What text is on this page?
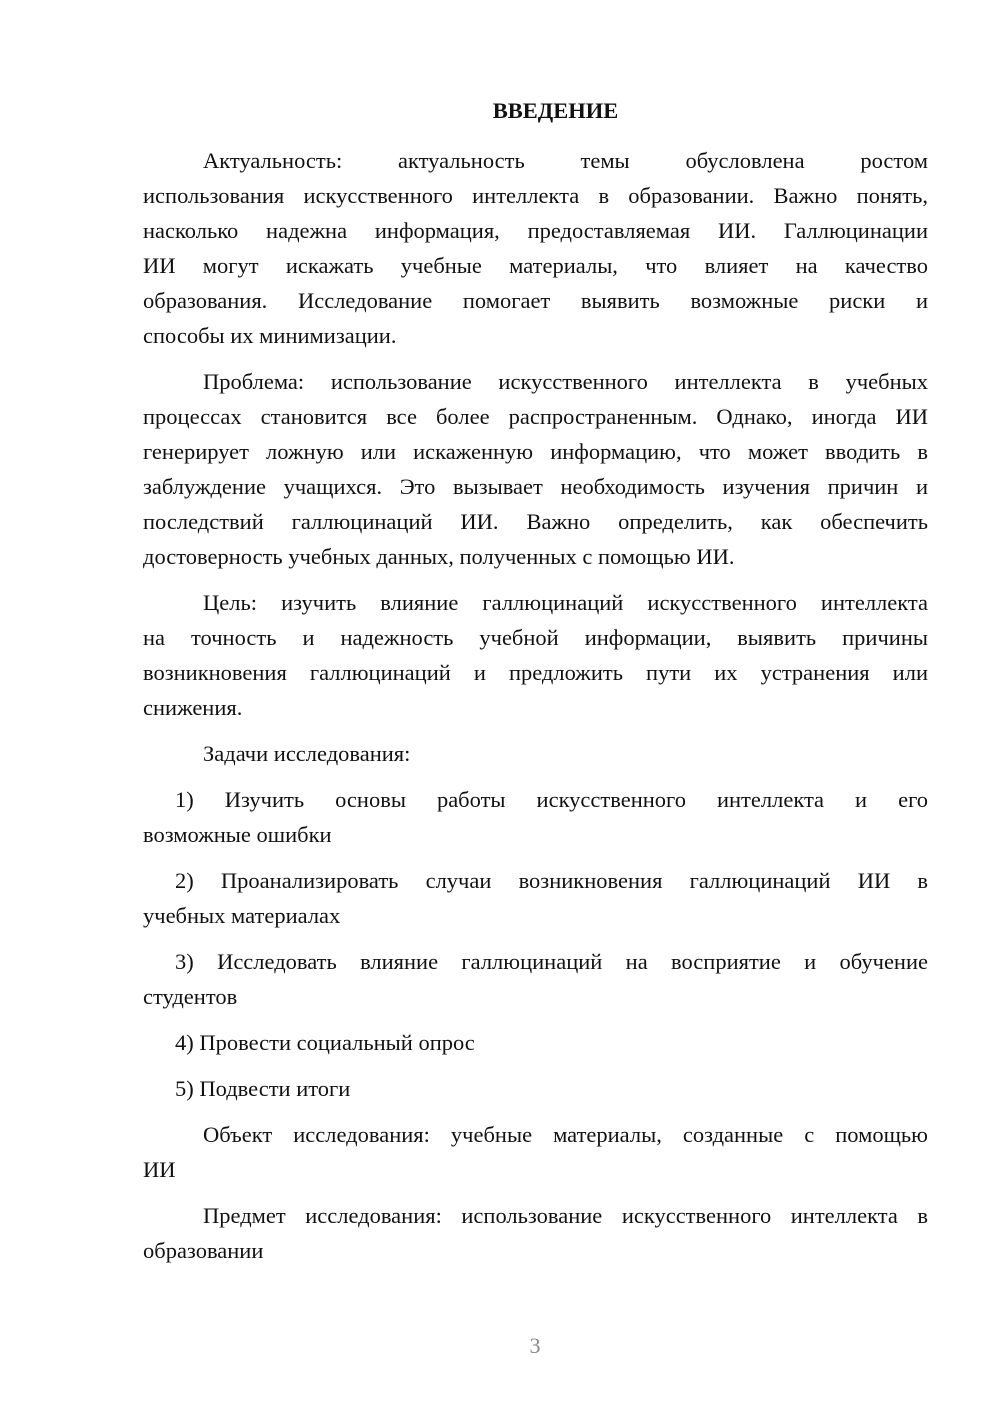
ВВЕДЕНИЕ
Актуальность: актуальность темы обусловлена ростом
использования искусственного интеллекта в образовании. Важно понять,
насколько надежна информация, предоставляемая ИИ. Галлюцинации
ИИ могут искажать учебные материалы, что влияет на качество
образования. Исследование помогает выявить возможные риски и
способы их минимизации.
Проблема: использование искусственного интеллекта в учебных
процессах становится все более распространенным. Однако, иногда ИИ
генерирует ложную или искаженную информацию, что может вводить в
заблуждение учащихся. Это вызывает необходимость изучения причин и
последствий галлюцинаций ИИ. Важно определить, как обеспечить
достоверность учебных данных, полученных с помощью ИИ.
Цель: изучить влияние галлюцинаций искусственного интеллекта
на точность и надежность учебной информации, выявить причины
возникновения галлюцинаций и предложить пути их устранения или
снижения.
Задачи исследования:
1) Изучить основы работы искусственного интеллекта и его
возможные ошибки
2) Проанализировать случаи возникновения галлюцинаций ИИ в
учебных материалах
3) Исследовать влияние галлюцинаций на восприятие и обучение
студентов
4) Провести социальный опрос
5) Подвести итоги
Объект исследования: учебные материалы, созданные с помощью
ИИ
Предмет исследования: использование искусственного интеллекта в
образовании
3
